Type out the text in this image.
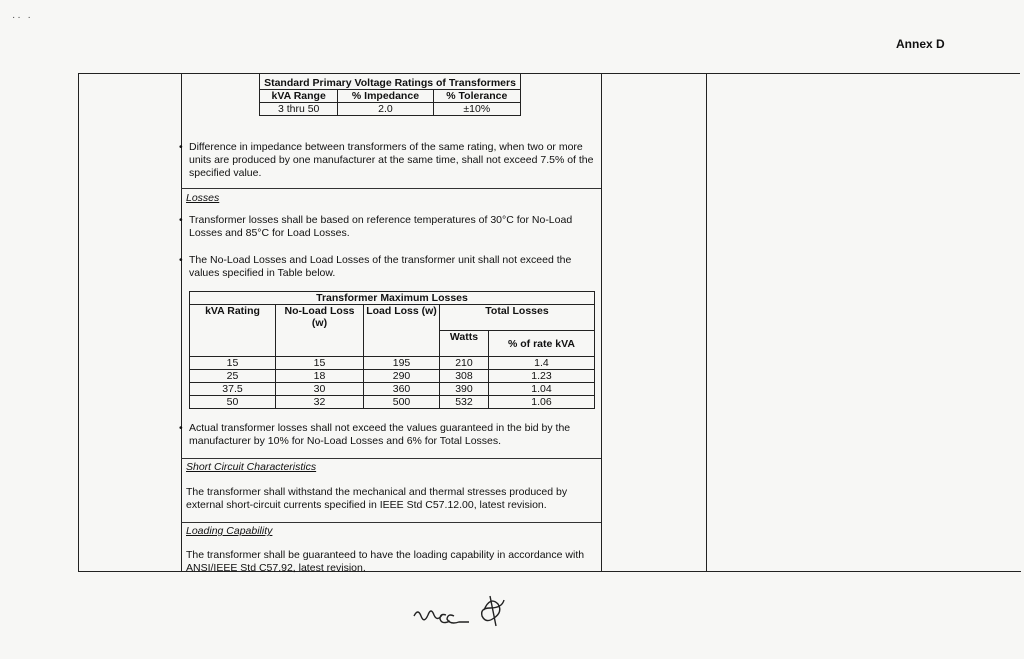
·· ·
Annex D
Standard Primary Voltage Ratings of Transformers		
kVA Range	% Impedance	% Tolerance
3 thru 50	2.0	±10%
• Difference in impedance between transformers of the same rating, when two or more units are produced by one manufacturer at the same time, shall not exceed 7.5% of the specified value.
Losses
• Transformer losses shall be based on reference temperatures of 30°C for No-Load Losses and 85°C for Load Losses.
• The No-Load Losses and Load Losses of the transformer unit shall not exceed the values specified in Table below.
Transformer Maximum Losses				
kVA Rating	No-Load Loss (w)	Load Loss (w)	Total Losses	
			Watts	% of rate kVA
15	15	195	210	1.4
25	18	290	308	1.23
37.5	30	360	390	1.04
50	32	500	532	1.06
• Actual transformer losses shall not exceed the values guaranteed in the bid by the manufacturer by 10% for No-Load Losses and 6% for Total Losses.
Short Circuit Characteristics
The transformer shall withstand the mechanical and thermal stresses produced by external short-circuit currents specified in IEEE Std C57.12.00, latest revision.
Loading Capability
The transformer shall be guaranteed to have the loading capability in accordance with ANSI/IEEE Std C57.92, latest revision.
